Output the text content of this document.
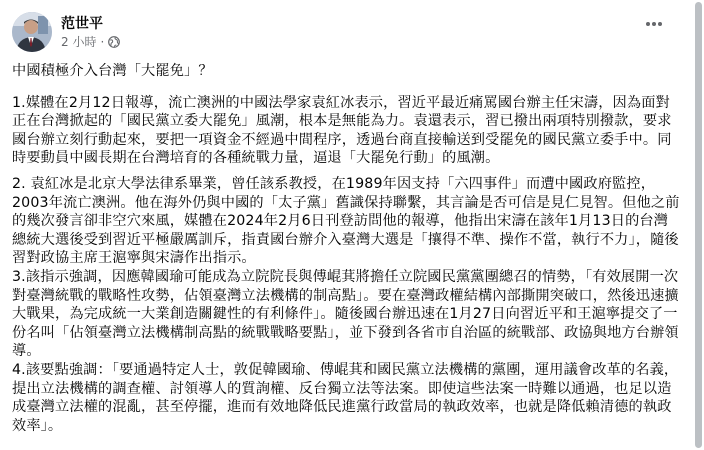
范世平
2 小時 ·

中國積極介入台灣「大罷免」？

1.媒體在2月12日報導，流亡澳洲的中國法學家袁紅冰表示，習近平最近痛罵國台辦主任宋濤，因為面對正在台灣掀起的「國民黨立委大罷免」風潮，根本是無能為力。袁還表示，習已撥出兩項特別撥款，要求國台辦立刻行動起來，要把一項資金不經過中間程序，透過台商直接輸送到受罷免的國民黨立委手中。同時要動員中國長期在台灣培育的各種統戰力量，逼退「大罷免行動」的風潮。

2. 袁紅冰是北京大學法律系畢業，曾任該系教授，在1989年因支持「六四事件」而遭中國政府監控，2003年流亡澳洲。他在海外仍與中國的「太子黨」舊識保持聯繫，其言論是否可信是見仁見智。但他之前的幾次發言卻非空穴來風，媒體在2024年2月6日刊登訪問他的報導，他指出宋濤在該年1月13日的台灣總統大選後受到習近平極嚴厲訓斥，指責國台辦介入臺灣大選是「攘得不準、操作不當，執行不力」，隨後習對政協主席王滬寧與宋濤作出指示。

3.該指示強調，因應韓國瑜可能成為立院院長與傅崐萁將擔任立院國民黨黨團總召的情勢，「有效展開一次對臺灣統戰的戰略性攻勢，佔領臺灣立法機構的制高點」。要在臺灣政權結構內部撕開突破口，然後迅速擴大戰果，為完成統一大業創造關鍵性的有利條件」。隨後國台辦迅速在1月27日向習近平和王滬寧提交了一份名叫「佔領臺灣立法機構制高點的統戰戰略要點」，並下發到各省市自治區的統戰部、政協與地方台辦領導。

4.該要點強調：「要通過特定人士，敦促韓國瑜、傅崐萁和國民黨立法機構的黨團，運用議會改革的名義，提出立法機構的調查權、討領導人的質詢權、反台獨立法等法案。即使這些法案一時難以通過，也足以造成臺灣立法權的混亂，甚至停擺，進而有效地降低民進黨行政當局的執政效率，也就是降低賴清德的執政效率」。
